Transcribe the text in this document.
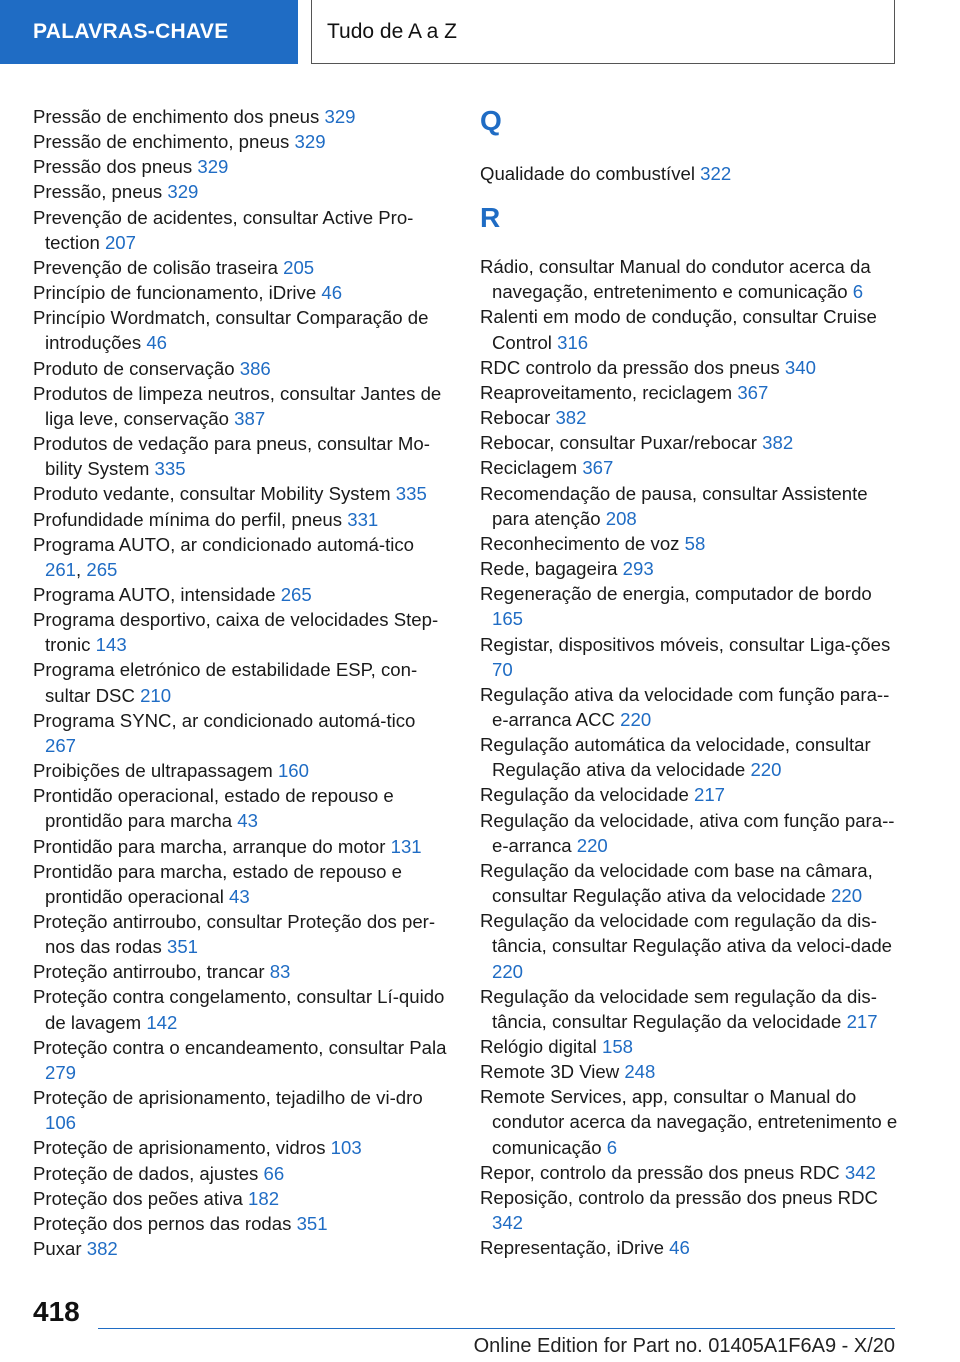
PALAVRAS-CHAVE	Tudo de A a Z
Pressão de enchimento dos pneus 329
Pressão de enchimento, pneus 329
Pressão dos pneus 329
Pressão, pneus 329
Prevenção de acidentes, consultar Active Pro-tection 207
Prevenção de colisão traseira 205
Princípio de funcionamento, iDrive 46
Princípio Wordmatch, consultar Comparação de introduções 46
Produto de conservação 386
Produtos de limpeza neutros, consultar Jantes de liga leve, conservação 387
Produtos de vedação para pneus, consultar Mo-bility System 335
Produto vedante, consultar Mobility System 335
Profundidade mínima do perfil, pneus 331
Programa AUTO, ar condicionado automá-tico 261, 265
Programa AUTO, intensidade 265
Programa desportivo, caixa de velocidades Step-tronic 143
Programa eletrónico de estabilidade ESP, con-sultar DSC 210
Programa SYNC, ar condicionado automá-tico 267
Proibições de ultrapassagem 160
Prontidão operacional, estado de repouso e prontidão para marcha 43
Prontidão para marcha, arranque do motor 131
Prontidão para marcha, estado de repouso e prontidão operacional 43
Proteção antirroubo, consultar Proteção dos per-nos das rodas 351
Proteção antirroubo, trancar 83
Proteção contra congelamento, consultar Lí-quido de lavagem 142
Proteção contra o encandeamento, consultar Pala 279
Proteção de aprisionamento, tejadilho de vi-dro 106
Proteção de aprisionamento, vidros 103
Proteção de dados, ajustes 66
Proteção dos peões ativa 182
Proteção dos pernos das rodas 351
Puxar 382
Q
Qualidade do combustível 322
R
Rádio, consultar Manual do condutor acerca da navegação, entretenimento e comunicação 6
Ralenti em modo de condução, consultar Cruise Control 316
RDC controlo da pressão dos pneus 340
Reaproveitamento, reciclagem 367
Rebocar 382
Rebocar, consultar Puxar/rebocar 382
Reciclagem 367
Recomendação de pausa, consultar Assistente para atenção 208
Reconhecimento de voz 58
Rede, bagageira 293
Regeneração de energia, computador de bordo 165
Registar, dispositivos móveis, consultar Liga-ções 70
Regulação ativa da velocidade com função para--e-arranca ACC 220
Regulação automática da velocidade, consultar Regulação ativa da velocidade 220
Regulação da velocidade 217
Regulação da velocidade, ativa com função para--e-arranca 220
Regulação da velocidade com base na câmara, consultar Regulação ativa da velocidade 220
Regulação da velocidade com regulação da dis-tância, consultar Regulação ativa da veloci-dade 220
Regulação da velocidade sem regulação da dis-tância, consultar Regulação da velocidade 217
Relógio digital 158
Remote 3D View 248
Remote Services, app, consultar o Manual do condutor acerca da navegação, entretenimento e comunicação 6
Repor, controlo da pressão dos pneus RDC 342
Reposição, controlo da pressão dos pneus RDC 342
Representação, iDrive 46
418
Online Edition for Part no. 01405A1F6A9 - X/20
